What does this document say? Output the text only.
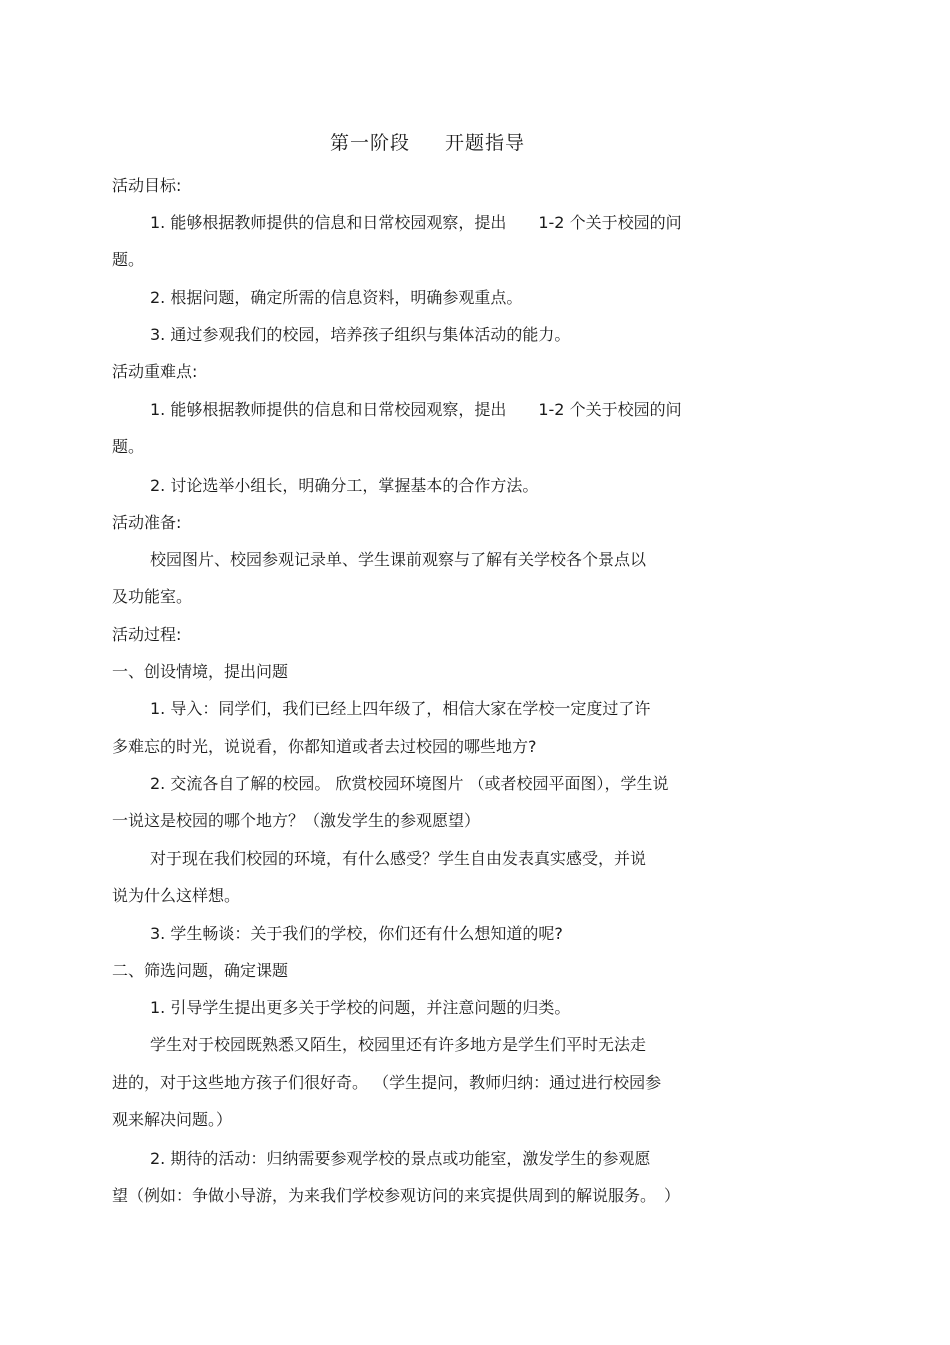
第一阶段 开题指导
活动目标:
1. 能够根据教师提供的信息和日常校园观察，提出　　1-2 个关于校园的问
题。
2. 根据问题，确定所需的信息资料，明确参观重点。
3. 通过参观我们的校园，培养孩子组织与集体活动的能力。
活动重难点:
1. 能够根据教师提供的信息和日常校园观察，提出　　1-2 个关于校园的问
题。
2. 讨论选举小组长，明确分工，掌握基本的合作方法。
活动准备:
校园图片、校园参观记录单、学生课前观察与了解有关学校各个景点以
及功能室。
活动过程:
一、创设情境，提出问题
1. 导入：同学们，我们已经上四年级了，相信大家在学校一定度过了许
多难忘的时光，说说看，你都知道或者去过校园的哪些地方?
2. 交流各自了解的校园。 欣赏校园环境图片 （或者校园平面图），学生说
一说这是校园的哪个地方？（激发学生的参观愿望）
对于现在我们校园的环境，有什么感受？学生自由发表真实感受，并说
说为什么这样想。
3. 学生畅谈：关于我们的学校，你们还有什么想知道的呢?
二、筛选问题，确定课题
1. 引导学生提出更多关于学校的问题，并注意问题的归类。
学生对于校园既熟悉又陌生，校园里还有许多地方是学生们平时无法走
进的，对于这些地方孩子们很好奇。 （学生提问，教师归纳：通过进行校园参
观来解决问题。）
2. 期待的活动：归纳需要参观学校的景点或功能室，激发学生的参观愿
望（例如：争做小导游，为来我们学校参观访问的来宾提供周到的解说服务。　）
